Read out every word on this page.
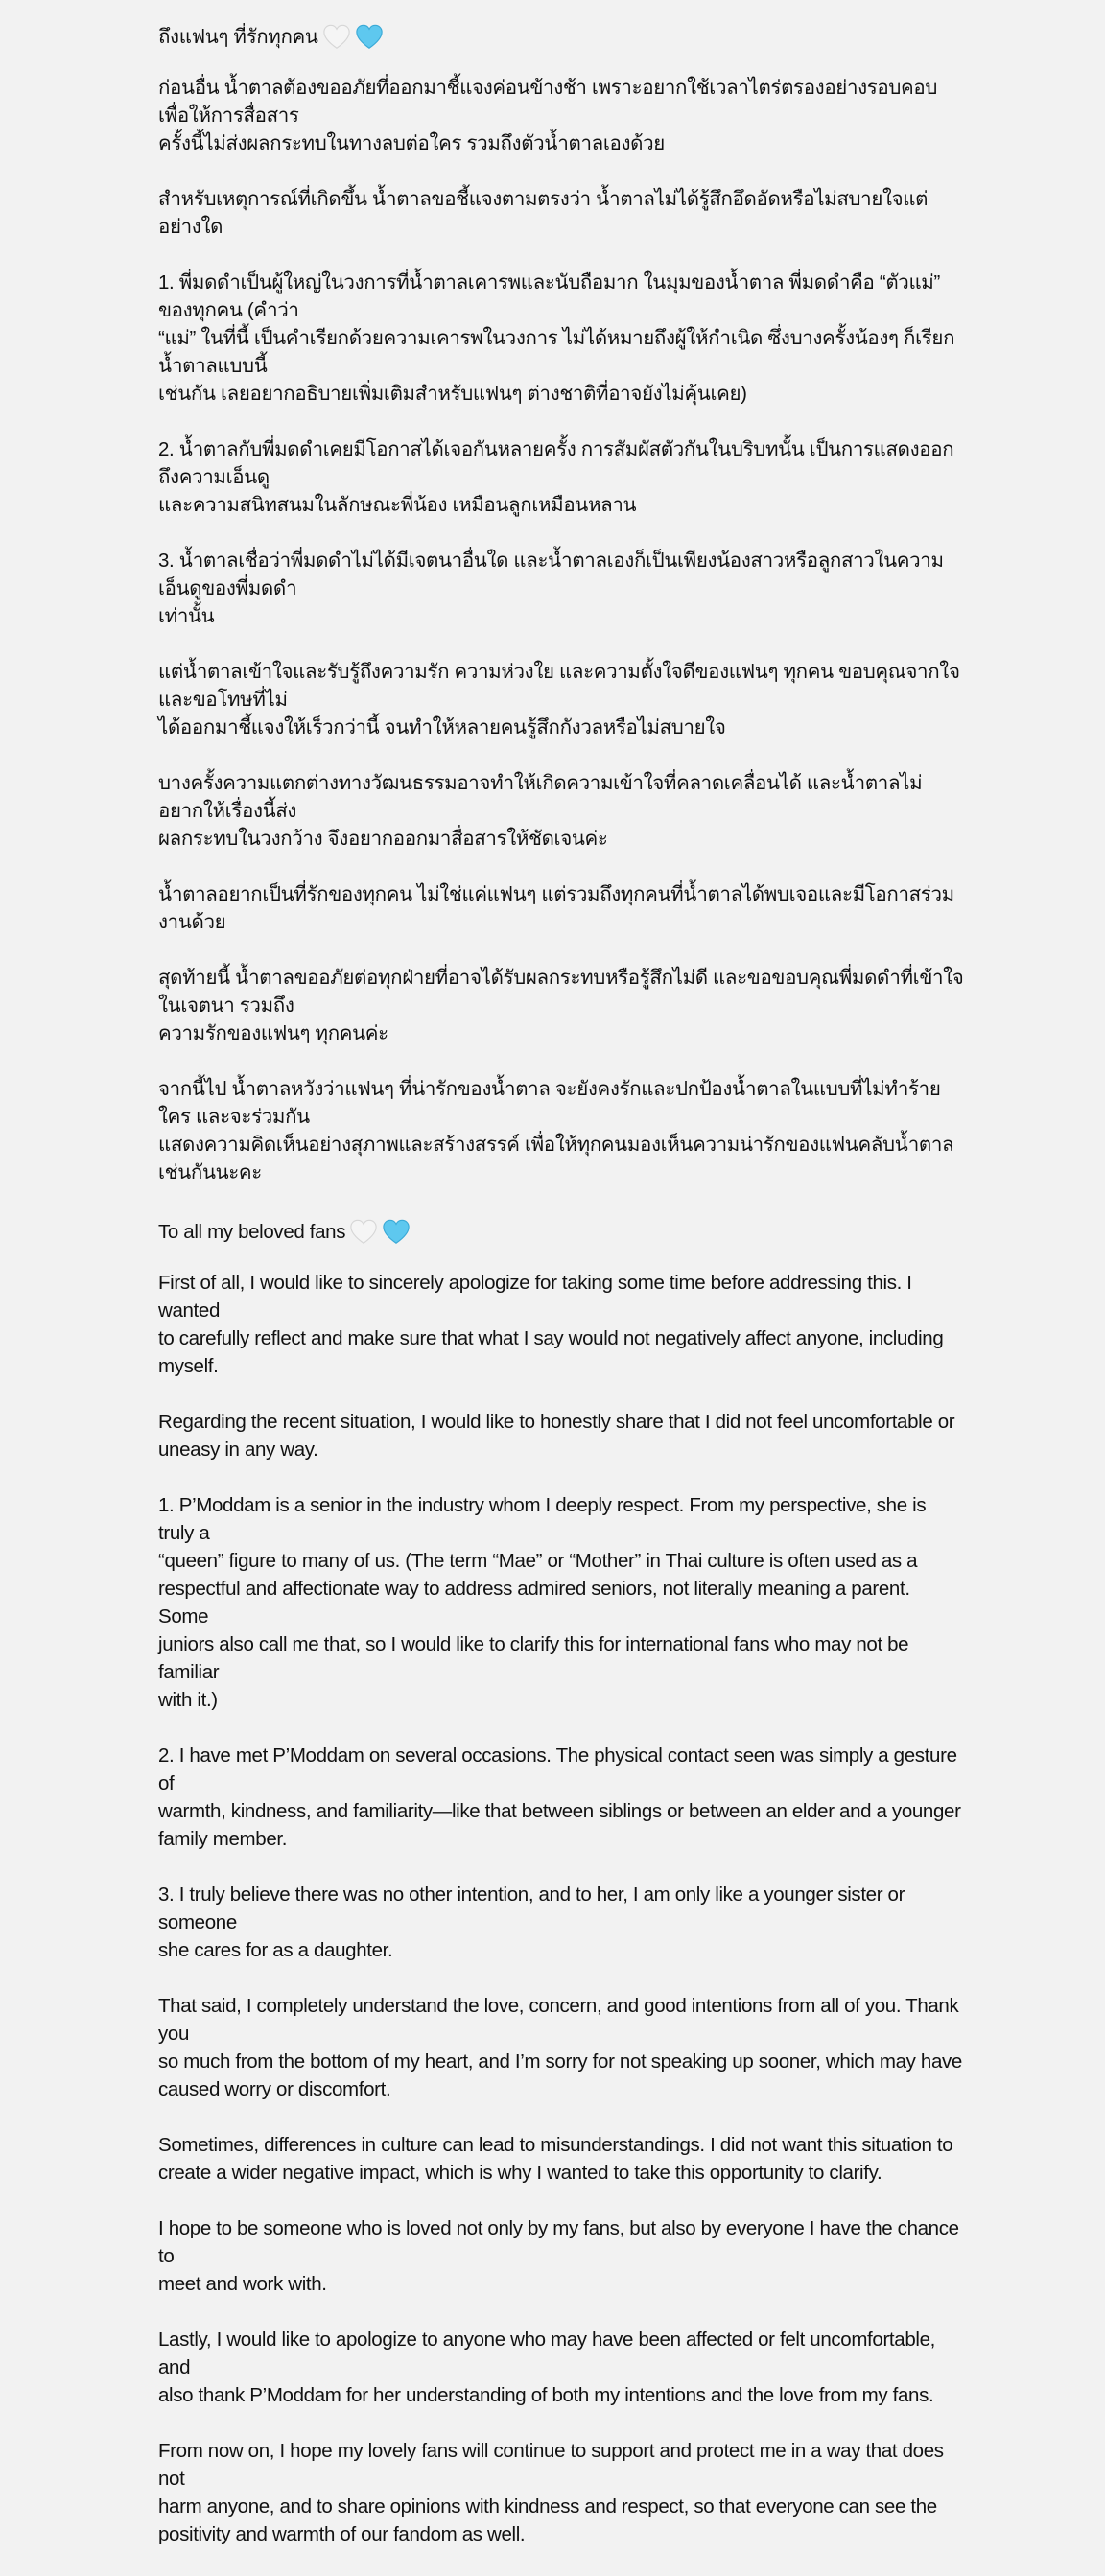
ถึงแฟนๆ ที่รักทุกคน

ก่อนอื่น น้ำตาลต้องขออภัยที่ออกมาชี้แจงค่อนข้างช้า เพราะอยากใช้เวลาไตร่ตรองอย่างรอบคอบ เพื่อให้การสื่อสาร
ครั้งนี้ไม่ส่งผลกระทบในทางลบต่อใคร รวมถึงตัวน้ำตาลเองด้วย

สำหรับเหตุการณ์ที่เกิดขึ้น น้ำตาลขอชี้แจงตามตรงว่า น้ำตาลไม่ได้รู้สึกอึดอัดหรือไม่สบายใจแต่อย่างใด

1. พี่มดดำเป็นผู้ใหญ่ในวงการที่น้ำตาลเคารพและนับถือมาก ในมุมของน้ำตาล พี่มดดำคือ “ตัวแม่” ของทุกคน (คำว่า
“แม่” ในที่นี้ เป็นคำเรียกด้วยความเคารพในวงการ ไม่ได้หมายถึงผู้ให้กำเนิด ซึ่งบางครั้งน้องๆ ก็เรียกน้ำตาลแบบนี้
เช่นกัน เลยอยากอธิบายเพิ่มเติมสำหรับแฟนๆ ต่างชาติที่อาจยังไม่คุ้นเคย)

2. น้ำตาลกับพี่มดดำเคยมีโอกาสได้เจอกันหลายครั้ง การสัมผัสตัวกันในบริบทนั้น เป็นการแสดงออกถึงความเอ็นดู
และความสนิทสนมในลักษณะพี่น้อง เหมือนลูกเหมือนหลาน

3. น้ำตาลเชื่อว่าพี่มดดำไม่ได้มีเจตนาอื่นใด และน้ำตาลเองก็เป็นเพียงน้องสาวหรือลูกสาวในความเอ็นดูของพี่มดดำ
เท่านั้น

แต่น้ำตาลเข้าใจและรับรู้ถึงความรัก ความห่วงใย และความตั้งใจดีของแฟนๆ ทุกคน ขอบคุณจากใจ และขอโทษที่ไม่
ได้ออกมาชี้แจงให้เร็วกว่านี้ จนทำให้หลายคนรู้สึกกังวลหรือไม่สบายใจ

บางครั้งความแตกต่างทางวัฒนธรรมอาจทำให้เกิดความเข้าใจที่คลาดเคลื่อนได้ และน้ำตาลไม่อยากให้เรื่องนี้ส่ง
ผลกระทบในวงกว้าง จึงอยากออกมาสื่อสารให้ชัดเจนค่ะ

น้ำตาลอยากเป็นที่รักของทุกคน ไม่ใช่แค่แฟนๆ แต่รวมถึงทุกคนที่น้ำตาลได้พบเจอและมีโอกาสร่วมงานด้วย

สุดท้ายนี้ น้ำตาลขออภัยต่อทุกฝ่ายที่อาจได้รับผลกระทบหรือรู้สึกไม่ดี และขอขอบคุณพี่มดดำที่เข้าใจในเจตนา รวมถึง
ความรักของแฟนๆ ทุกคนค่ะ

จากนี้ไป น้ำตาลหวังว่าแฟนๆ ที่น่ารักของน้ำตาล จะยังคงรักและปกป้องน้ำตาลในแบบที่ไม่ทำร้ายใคร และจะร่วมกัน
แสดงความคิดเห็นอย่างสุภาพและสร้างสรรค์ เพื่อให้ทุกคนมองเห็นความน่ารักของแฟนคลับน้ำตาลเช่นกันนะคะ

To all my beloved fans

First of all, I would like to sincerely apologize for taking some time before addressing this. I wanted
to carefully reflect and make sure that what I say would not negatively affect anyone, including
myself.

Regarding the recent situation, I would like to honestly share that I did not feel uncomfortable or
uneasy in any way.

1. P’Moddam is a senior in the industry whom I deeply respect. From my perspective, she is truly a
“queen” figure to many of us. (The term “Mae” or “Mother” in Thai culture is often used as a
respectful and affectionate way to address admired seniors, not literally meaning a parent. Some
juniors also call me that, so I would like to clarify this for international fans who may not be familiar
with it.)

2. I have met P’Moddam on several occasions. The physical contact seen was simply a gesture of
warmth, kindness, and familiarity—like that between siblings or between an elder and a younger
family member.

3. I truly believe there was no other intention, and to her, I am only like a younger sister or someone
she cares for as a daughter.

That said, I completely understand the love, concern, and good intentions from all of you. Thank you
so much from the bottom of my heart, and I’m sorry for not speaking up sooner, which may have
caused worry or discomfort.

Sometimes, differences in culture can lead to misunderstandings. I did not want this situation to
create a wider negative impact, which is why I wanted to take this opportunity to clarify.

I hope to be someone who is loved not only by my fans, but also by everyone I have the chance to
meet and work with.

Lastly, I would like to apologize to anyone who may have been affected or felt uncomfortable, and
also thank P’Moddam for her understanding of both my intentions and the love from my fans.

From now on, I hope my lovely fans will continue to support and protect me in a way that does not
harm anyone, and to share opinions with kindness and respect, so that everyone can see the
positivity and warmth of our fandom as well.
